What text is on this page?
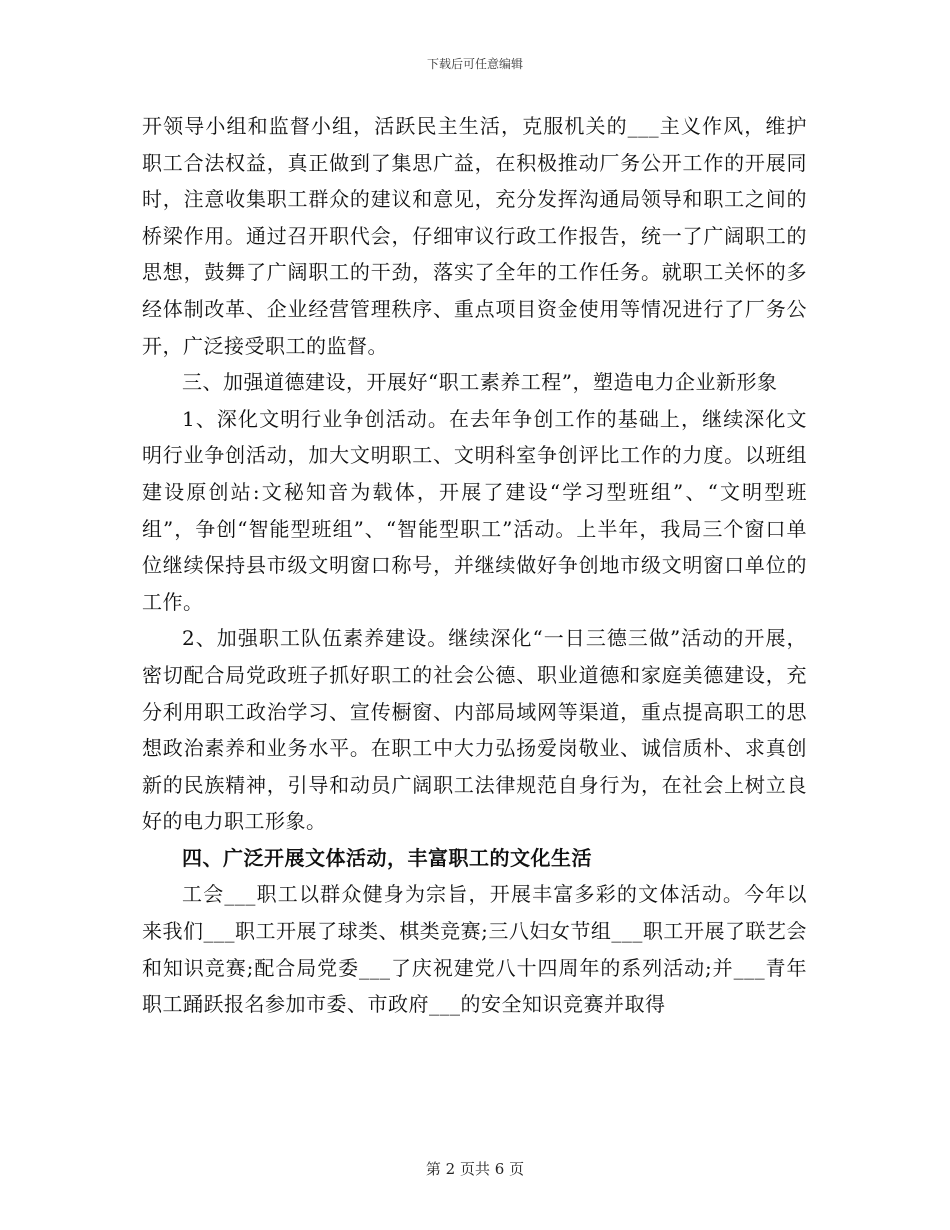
下载后可任意编辑

开领导小组和监督小组，活跃民主生活，克服机关的___主义作风，维护职工合法权益，真正做到了集思广益，在积极推动厂务公开工作的开展同时，注意收集职工群众的建议和意见，充分发挥沟通局领导和职工之间的桥梁作用。通过召开职代会，仔细审议行政工作报告，统一了广阔职工的思想，鼓舞了广阔职工的干劲，落实了全年的工作任务。就职工关怀的多经体制改革、企业经营管理秩序、重点项目资金使用等情况进行了厂务公开，广泛接受职工的监督。

三、加强道德建设，开展好“职工素养工程”，塑造电力企业新形象

1、深化文明行业争创活动。在去年争创工作的基础上，继续深化文明行业争创活动，加大文明职工、文明科室争创评比工作的力度。以班组建设原创站:文秘知音为载体，开展了建设“学习型班组”、“文明型班组”，争创“智能型班组”、“智能型职工”活动。上半年，我局三个窗口单位继续保持县市级文明窗口称号，并继续做好争创地市级文明窗口单位的工作。

2、加强职工队伍素养建设。继续深化“一日三德三做”活动的开展，密切配合局党政班子抓好职工的社会公德、职业道德和家庭美德建设，充分利用职工政治学习、宣传橱窗、内部局域网等渠道，重点提高职工的思想政治素养和业务水平。在职工中大力弘扬爱岗敬业、诚信质朴、求真创新的民族精神，引导和动员广阔职工法律规范自身行为，在社会上树立良好的电力职工形象。

四、广泛开展文体活动，丰富职工的文化生活

工会___职工以群众健身为宗旨，开展丰富多彩的文体活动。今年以来我们___职工开展了球类、棋类竞赛;三八妇女节组___职工开展了联艺会和知识竞赛;配合局党委___了庆祝建党八十四周年的系列活动;并___青年职工踊跃报名参加市委、市政府___的安全知识竞赛并取得

第 2 页共 6 页
